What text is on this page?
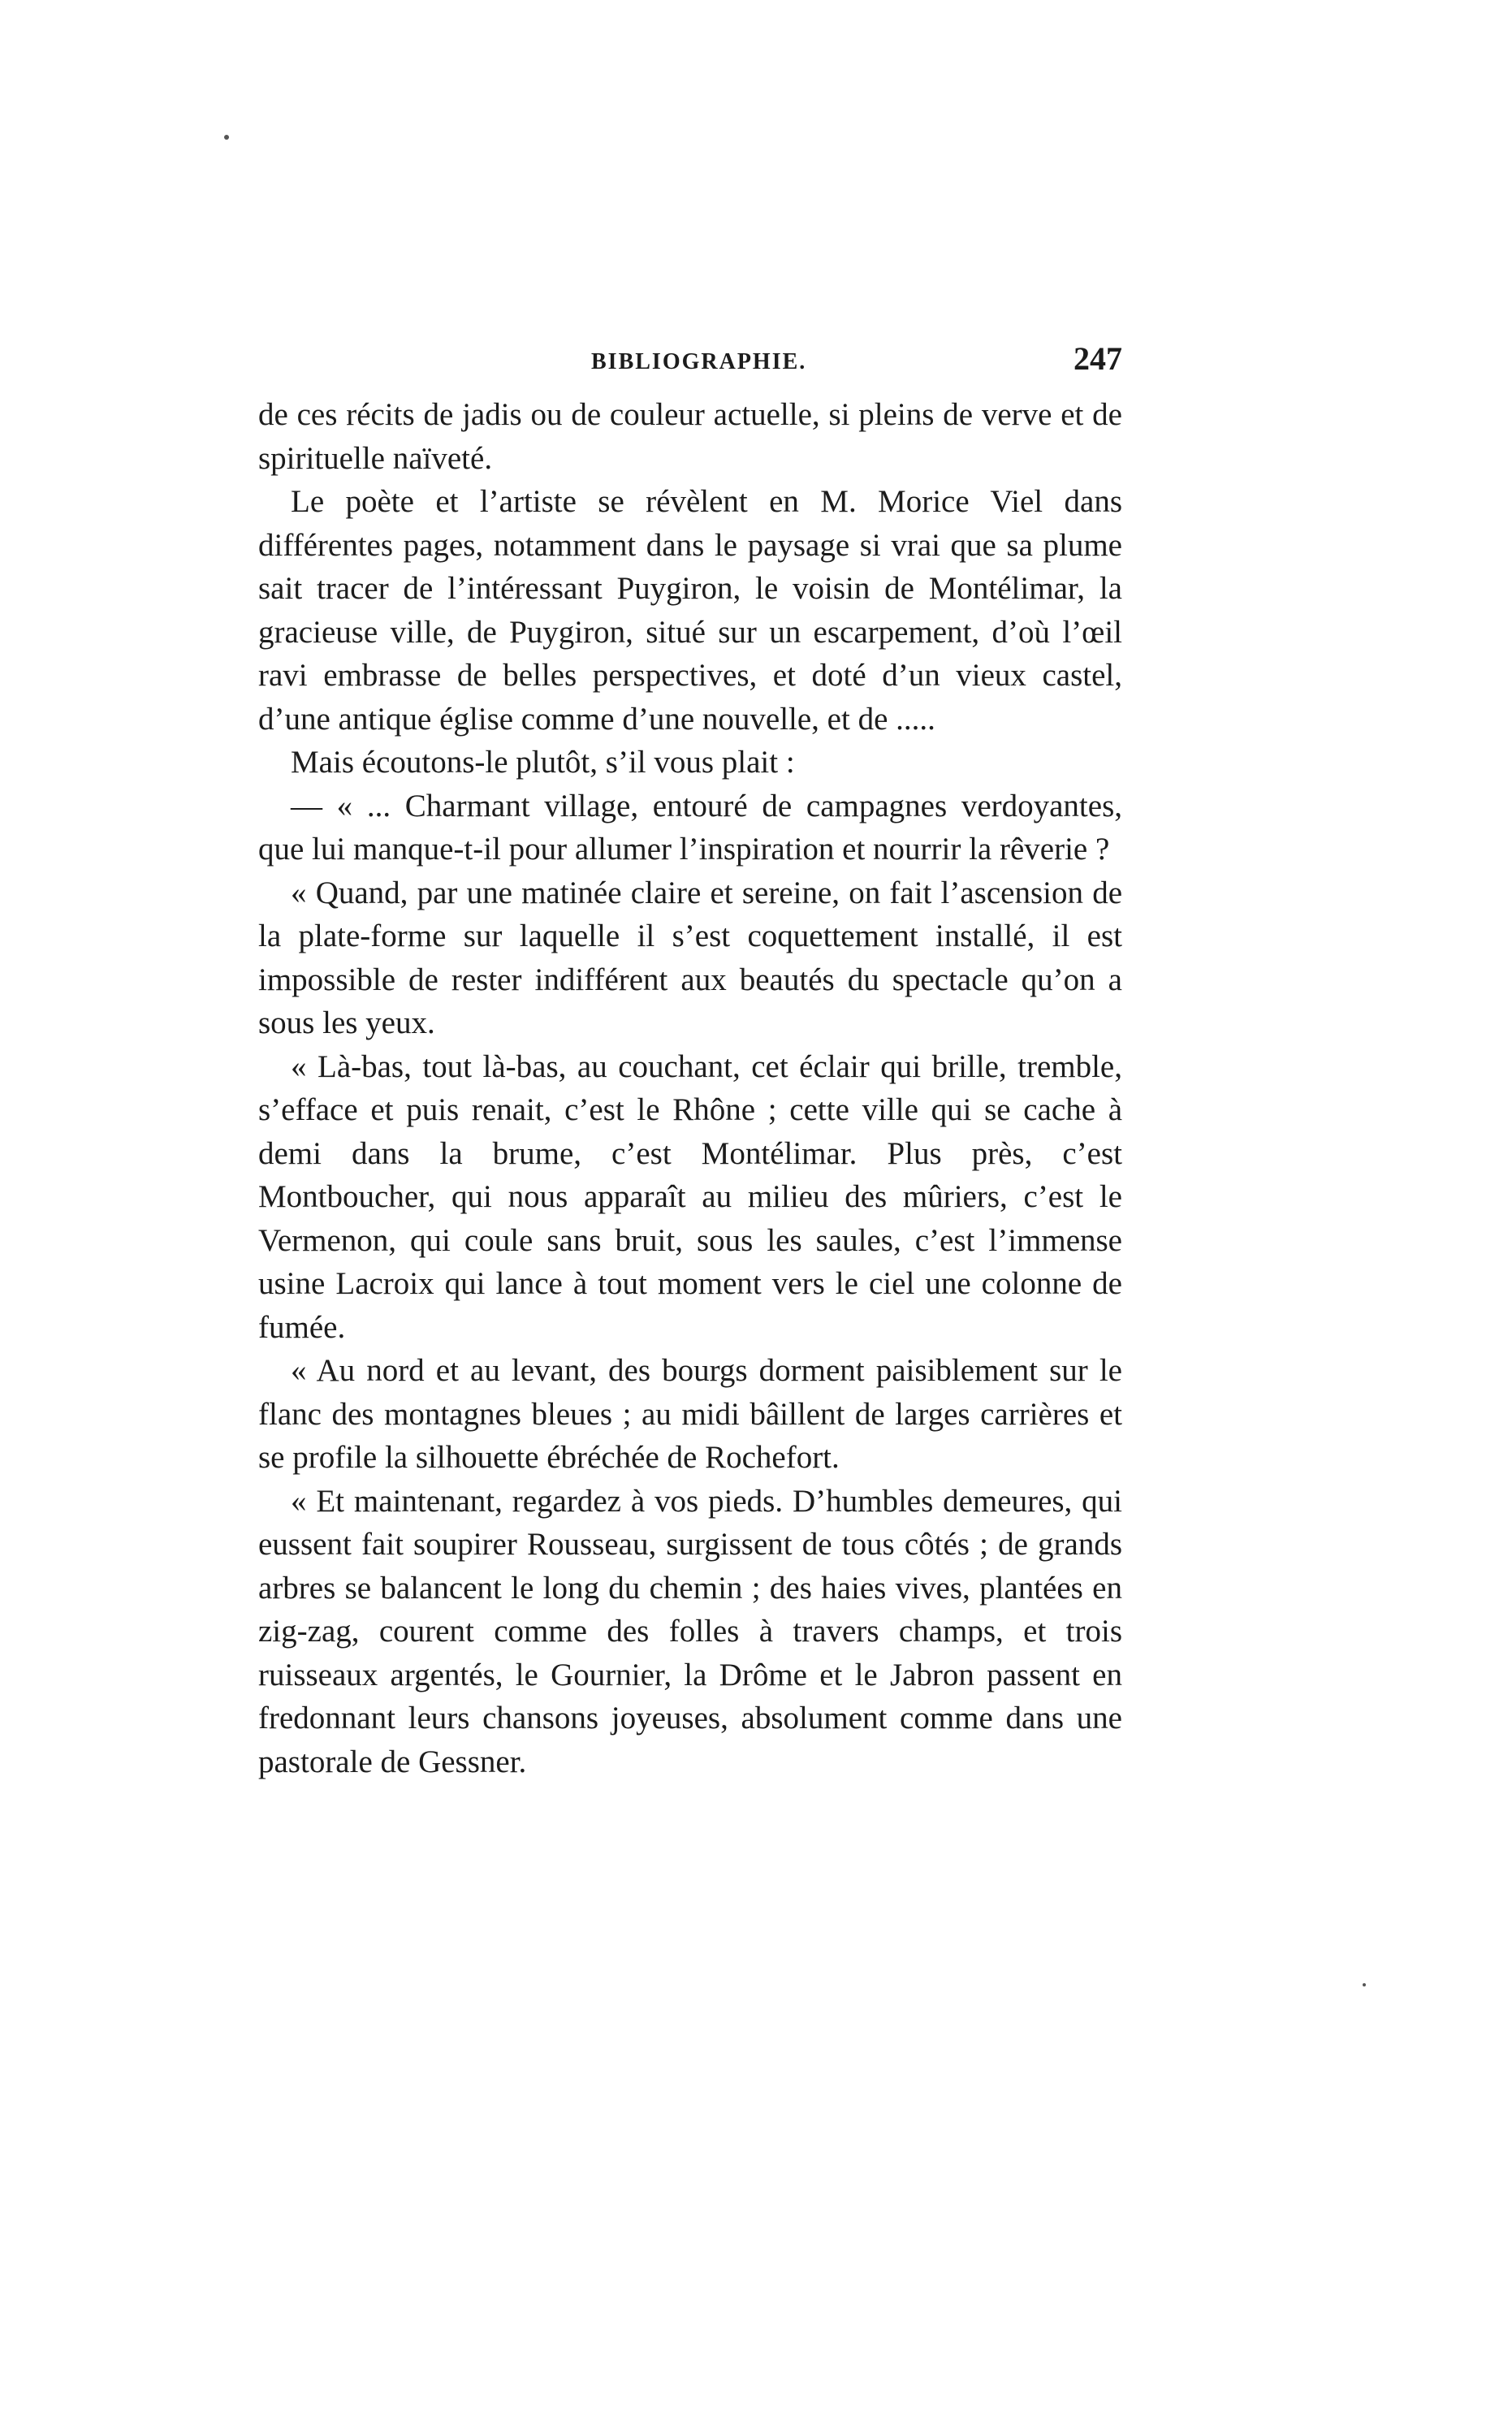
BIBLIOGRAPHIE.	247

de ces récits de jadis ou de couleur actuelle, si pleins de verve et de spirituelle naïveté.

Le poète et l’artiste se révèlent en M. Morice Viel dans différentes pages, notamment dans le paysage si vrai que sa plume sait tracer de l’intéressant Puygiron, le voisin de Montélimar, la gracieuse ville, de Puygiron, situé sur un escarpement, d’où l’œil ravi embrasse de belles perspectives, et doté d’un vieux castel, d’une antique église comme d’une nouvelle, et de .....

Mais écoutons-le plutôt, s’il vous plait :

— « ... Charmant village, entouré de campagnes verdoyantes, que lui manque-t-il pour allumer l’inspiration et nourrir la rêverie ?

« Quand, par une matinée claire et sereine, on fait l’ascension de la plate-forme sur laquelle il s’est coquettement installé, il est impossible de rester indifférent aux beautés du spectacle qu’on a sous les yeux.

« Là-bas, tout là-bas, au couchant, cet éclair qui brille, tremble, s’efface et puis renait, c’est le Rhône ; cette ville qui se cache à demi dans la brume, c’est Montélimar. Plus près, c’est Montboucher, qui nous apparaît au milieu des mûriers, c’est le Vermenon, qui coule sans bruit, sous les saules, c’est l’immense usine Lacroix qui lance à tout moment vers le ciel une colonne de fumée.

« Au nord et au levant, des bourgs dorment paisiblement sur le flanc des montagnes bleues ; au midi bâillent de larges carrières et se profile la silhouette ébréchée de Rochefort.

« Et maintenant, regardez à vos pieds. D’humbles demeures, qui eussent fait soupirer Rousseau, surgissent de tous côtés ; de grands arbres se balancent le long du chemin ; des haies vives, plantées en zig-zag, courent comme des folles à travers champs, et trois ruisseaux argentés, le Gournier, la Drôme et le Jabron passent en fredonnant leurs chansons joyeuses, absolument comme dans une pastorale de Gessner.
